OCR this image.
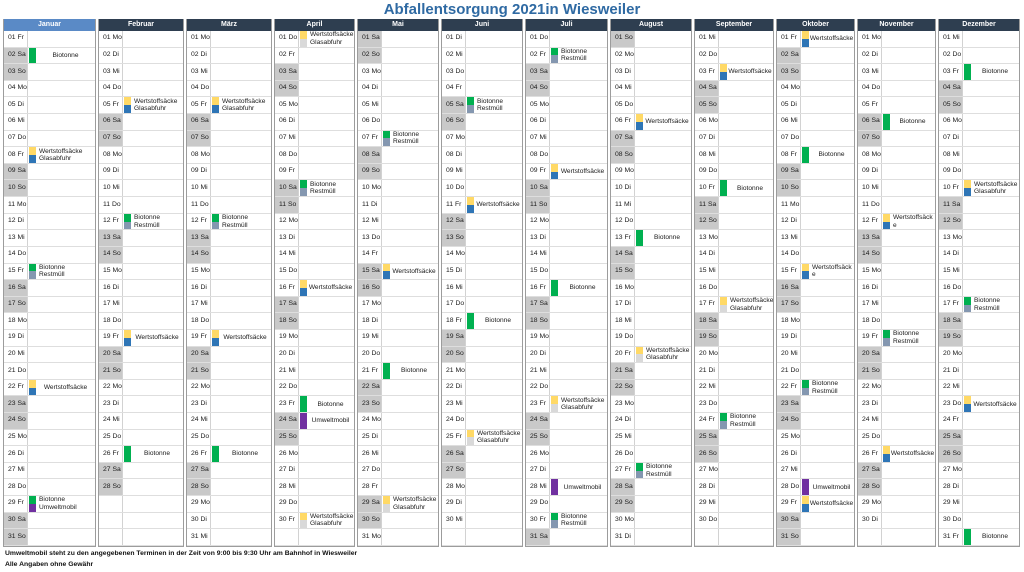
Abfallentsorgung 2021in Wiesweiler
Januar
01 Fr
02 Sa	Biotonne
03 So
04 Mo
05 Di
06 Mi
07 Do
08 Fr	Wertstoffsäcke
Glasabfuhr
09 Sa
10 So
11 Mo
12 Di
13 Mi
14 Do
15 Fr	Biotonne
Restmüll
16 Sa
17 So
18 Mo
19 Di
20 Mi
21 Do
22 Fr	Wertstoffsäcke
23 Sa
24 So
25 Mo
26 Di
27 Mi
28 Do
29 Fr	Biotonne
Umweltmobil
30 Sa
31 So
Februar
01 Mo
02 Di
03 Mi
04 Do
05 Fr	Wertstoffsäcke
Glasabfuhr
06 Sa
07 So
08 Mo
09 Di
10 Mi
11 Do
12 Fr	Biotonne
Restmüll
13 Sa
14 So
15 Mo
16 Di
17 Mi
18 Do
19 Fr	Wertstoffsäcke
20 Sa
21 So
22 Mo
23 Di
24 Mi
25 Do
26 Fr	Biotonne
27 Sa
28 So
März
01 Mo
02 Di
03 Mi
04 Do
05 Fr	Wertstoffsäcke
Glasabfuhr
06 Sa
07 So
08 Mo
09 Di
10 Mi
11 Do
12 Fr	Biotonne
Restmüll
13 Sa
14 So
15 Mo
16 Di
17 Mi
18 Do
19 Fr	Wertstoffsäcke
20 Sa
21 So
22 Mo
23 Di
24 Mi
25 Do
26 Fr	Biotonne
27 Sa
28 So
29 Mo
30 Di
31 Mi
April
01 Do Wertstoffsäcke
Glasabfuhr
02 Fr
03 Sa
04 So
05 Mo
06 Di
07 Mi
08 Do
09 Fr
10 Sa	Biotonne
Restmüll
11 So
12 Mo
13 Di
14 Mi
15 Do
16 Fr	Wertstoffsäcke
17 Sa
18 So
19 Mo
20 Di
21 Mi
22 Do
23 Fr	Biotonne
24 Sa	Umweltmobil
25 So
26 Mo
27 Di
28 Mi
29 Do
30 Fr	Wertstoffsäcke
Glasabfuhr
Mai
01 Sa
02 So
03 Mo
04 Di
05 Mi
06 Do
07 Fr	Biotonne
Restmüll
08 Sa
09 So
10 Mo
11 Di
12 Mi
13 Do
14 Fr
15 Sa	Wertstoffsäcke
16 So
17 Mo
18 Di
19 Mi
20 Do
21 Fr	Biotonne
22 Sa
23 So
24 Mo
25 Di
26 Mi
27 Do
28 Fr
29 Sa	Wertstoffsäcke
Glasabfuhr
30 So
31 Mo
Juni
01 Di
02 Mi
03 Do
04 Fr
05 Sa	Biotonne
Restmüll
06 So
07 Mo
08 Di
09 Mi
10 Do
11 Fr	Wertstoffsäcke
12 Sa
13 So
14 Mo
15 Di
16 Mi
17 Do
18 Fr	Biotonne
19 Sa
20 So
21 Mo
22 Di
23 Mi
24 Do
25 Fr	Wertstoffsäcke
Glasabfuhr
26 Sa
27 So
28 Mo
29 Di
30 Mi
Juli
01 Do
02 Fr	Biotonne
Restmüll
03 Sa
04 So
05 Mo
06 Di
07 Mi
08 Do
09 Fr	Wertstoffsäcke
10 Sa
11 So
12 Mo
13 Di
14 Mi
15 Do
16 Fr	Biotonne
17 Sa
18 So
19 Mo
20 Di
21 Mi
22 Do
23 Fr	Wertstoffsäcke
Glasabfuhr
24 Sa
25 So
26 Mo
27 Di
28 Mi	Umweltmobil
29 Do
30 Fr	Biotonne
Restmüll
31 Sa
August
01 So
02 Mo
03 Di
04 Mi
05 Do
06 Fr	Wertstoffsäcke
07 Sa
08 So
09 Mo
10 Di
11 Mi
12 Do
13 Fr	Biotonne
14 Sa
15 So
16 Mo
17 Di
18 Mi
19 Do
20 Fr	Wertstoffsäcke
Glasabfuhr
21 Sa
22 So
23 Mo
24 Di
25 Mi
26 Do
27 Fr	Biotonne
Restmüll
28 Sa
29 So
30 Mo
31 Di
September
01 Mi
02 Do
03 Fr	Wertstoffsäcke
04 Sa
05 So
06 Mo
07 Di
08 Mi
09 Do
10 Fr	Biotonne
11 Sa
12 So
13 Mo
14 Di
15 Mi
16 Do
17 Fr	Wertstoffsäcke
Glasabfuhr
18 Sa
19 So
20 Mo
21 Di
22 Mi
23 Do
24 Fr	Biotonne
Restmüll
25 Sa
26 So
27 Mo
28 Di
29 Mi
30 Do
Oktober
01 Fr	Wertstoffsäcke
02 Sa
03 So
04 Mo
05 Di
06 Mi
07 Do
08 Fr	Biotonne
09 Sa
10 So
11 Mo
12 Di
13 Mi
14 Do
15 Fr	Wertstoffsäck
e
16 Sa
17 So
18 Mo
19 Di
20 Mi
21 Do
22 Fr	Biotonne
Restmüll
23 Sa
24 So
25 Mo
26 Di
27 Mi
28 Do Umweltmobil
29 Fr	Wertstoffsäcke
30 Sa
31 So
November
01 Mo
02 Di
03 Mi
04 Do
05 Fr
06 Sa	Biotonne
07 So
08 Mo
09 Di
10 Mi
11 Do
12 Fr	Wertstoffsäck
e
13 Sa
14 So
15 Mo
16 Di
17 Mi
18 Do
19 Fr	Biotonne
Restmüll
20 Sa
21 So
22 Mo
23 Di
24 Mi
25 Do
26 Fr	Wertstoffsäcke
27 Sa
28 So
29 Mo
30 Di
Dezember
01 Mi
02 Do
03 Fr	Biotonne
04 Sa
05 So
06 Mo
07 Di
08 Mi
09 Do
10 Fr	Wertstoffsäcke
Glasabfuhr
11 Sa
12 So
13 Mo
14 Di
15 Mi
16 Do
17 Fr	Biotonne
Restmüll
18 Sa
19 So
20 Mo
21 Di
22 Mi
23 Do Wertstoffsäcke
24 Fr
25 Sa
26 So
27 Mo
28 Di
29 Mi
30 Do
31 Fr	Biotonne
Umweltmobil steht zu den angegebenen Terminen in der Zeit von 9:00 bis 9:30 Uhr am Bahnhof in Wiesweiler
Alle Angaben ohne Gewähr
